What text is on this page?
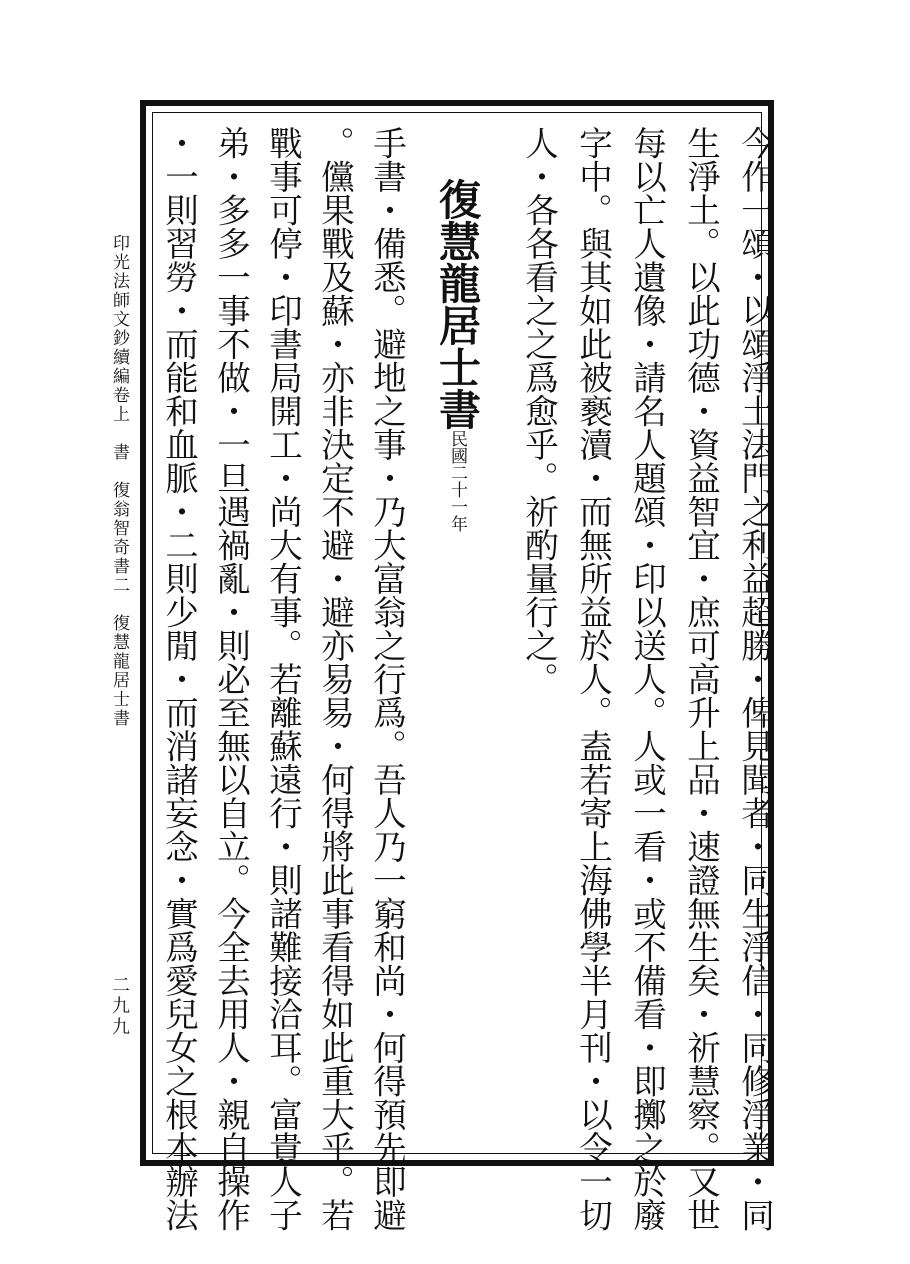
今作一頌・以頌淨土法門之利益超勝・俾見聞者・同生淨信・同修淨業・同
生淨土。以此功德・資益智宜・庶可高升上品・速證無生矣・祈慧察。又世
每以亡人遺像・請名人題頌・印以送人。人或一看・或不備看・即擲之於廢
字中。與其如此被褻瀆・而無所益於人。盍若寄上海佛學半月刊・以令一切
人・各各看之之爲愈乎。祈酌量行之。
復慧龍居士書
民國二十一年
手書・備悉。避地之事・乃大富翁之行爲。吾人乃一窮和尚・何得預先即避
。儻果戰及蘇・亦非決定不避・避亦易易・何得將此事看得如此重大乎。若
戰事可停・印書局開工・尚大有事。若離蘇遠行・則諸難接洽耳。富貴人子
弟・多多一事不做・一旦遇禍亂・則必至無以自立。今全去用人・親自操作
・一則習勞・而能和血脈・二則少閒・而消諸妄念・實爲愛兒女之根本辦法
印光法師文鈔續編卷上　書　復翁智奇書二　復慧龍居士書
二九九
